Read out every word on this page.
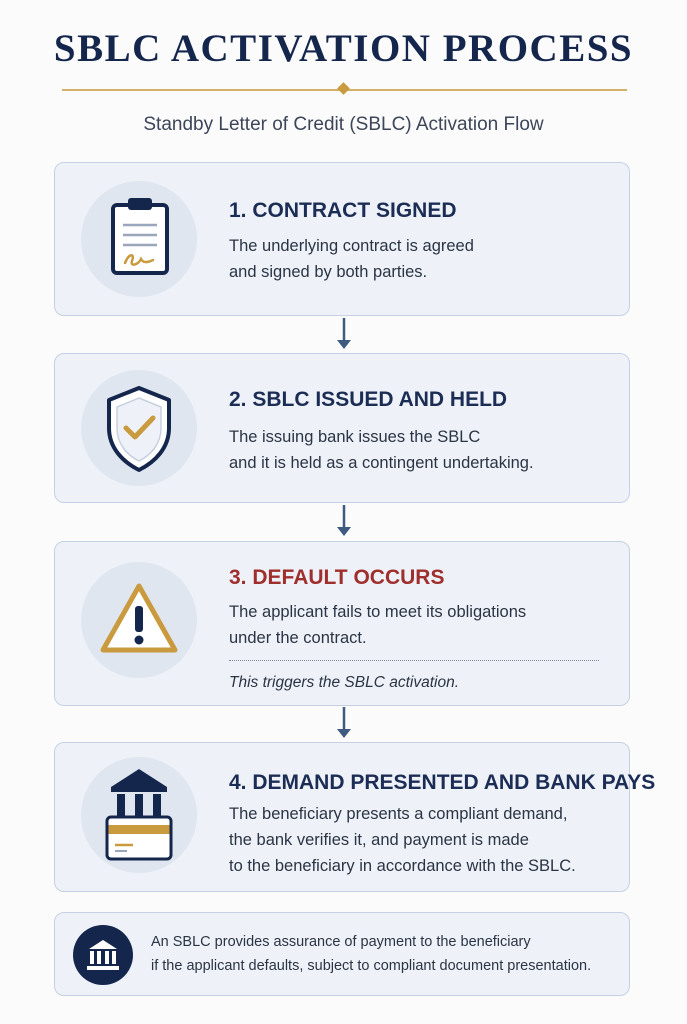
SBLC ACTIVATION PROCESS
Standby Letter of Credit (SBLC) Activation Flow
1. CONTRACT SIGNED
The underlying contract is agreed
and signed by both parties.
2. SBLC ISSUED AND HELD
The issuing bank issues the SBLC
and it is held as a contingent undertaking.
3. DEFAULT OCCURS
The applicant fails to meet its obligations
under the contract.
This triggers the SBLC activation.
4. DEMAND PRESENTED AND BANK PAYS
The beneficiary presents a compliant demand,
the bank verifies it, and payment is made
to the beneficiary in accordance with the SBLC.
An SBLC provides assurance of payment to the beneficiary
if the applicant defaults, subject to compliant document presentation.
